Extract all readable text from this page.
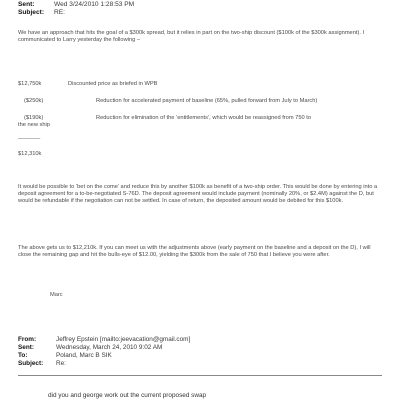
Sent:	Wed 3/24/2010 1:28:53 PM
Subject: RE:
We have an approach that hits the goal of a $300k spread, but it relies in part on the two-ship discount ($100k of the $300k assignment). I communicated to Larry yesterday the following –
$12,750k	Discounted price as briefed in WPB
($250k)	Reduction for accelerated payment of baseline (65%, pulled forward from July to March)
($190k)	Reduction for elimination of the ‘entitlements’, which would be reassigned from 750 to
the new ship
_______
$12,310k
It would be possible to ‘bet on the come’ and reduce this by another $100k as benefit of a two-ship order. This would be done by entering into a deposit agreement for a to-be-negotiated S-76D. The deposit agreement would include payment (nominally 20%, or $2.4M) against the D, but would be refundable if the negotiation can not be settled. In case of return, the deposited amount would be debited for this $100k.
The above gets us to $12,210k. If you can meet us with the adjustments above (early payment on the baseline and a deposit on the D), I will close the remaining gap and hit the bulls-eye of $12.00, yielding the $300k from the sale of 750 that I believe you were after.
Marc
From:	Jeffrey Epstein [mailto:jeevacation@gmail.com]
Sent:	Wednesday, March 24, 2010 9:02 AM
To:	Poland, Marc B SIK
Subject: Re:
did you and george work out the current proposed swap
